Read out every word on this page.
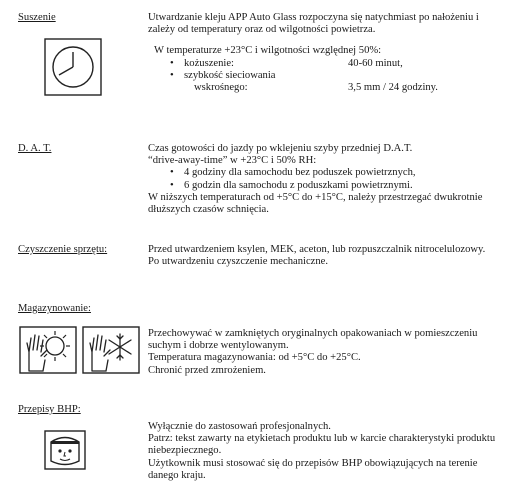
Suszenie	Utwardzanie kleju APP Auto Glass rozpoczyna się natychmiast po nałożeniu i zależy od temperatury oraz od wilgotności powietrza.

W temperaturze +23°C i wilgotności względnej 50%:

• kożuszenie:	40-60 minut,
• szybkość sieciowania
wskrośnego:	3,5 mm / 24 godziny.
D. A. T.	Czas gotowości do jazdy po wklejeniu szyby przedniej D.A.T.

“drive-away-time” w +23°C i 50% RH:

• 4 godziny dla samochodu bez poduszek powietrznych,
• 6 godzin dla samochodu z poduszkami powietrznymi.

W niższych temperaturach od +5°C do +15°C, należy przestrzegać dwukrotnie dłuższych czasów schnięcia.

Czyszczenie sprzętu:	Przed utwardzeniem ksylen, MEK, aceton, lub rozpuszczalnik nitrocelulozowy.

Po utwardzeniu czyszczenie mechaniczne.

Magazynowanie:

Przechowywać w zamkniętych oryginalnych opakowaniach w pomieszczeniu suchym i dobrze wentylowanym.

Temperatura magazynowania: od +5°C do +25°C.

Chronić przed zmrożeniem.

Przepisy BHP:

Wyłącznie do zastosowań profesjonalnych.

Patrz: tekst zawarty na etykietach produktu lub w karcie charakterystyki produktu niebezpiecznego.

Użytkownik musi stosować się do przepisów BHP obowiązujących na terenie danego kraju.
